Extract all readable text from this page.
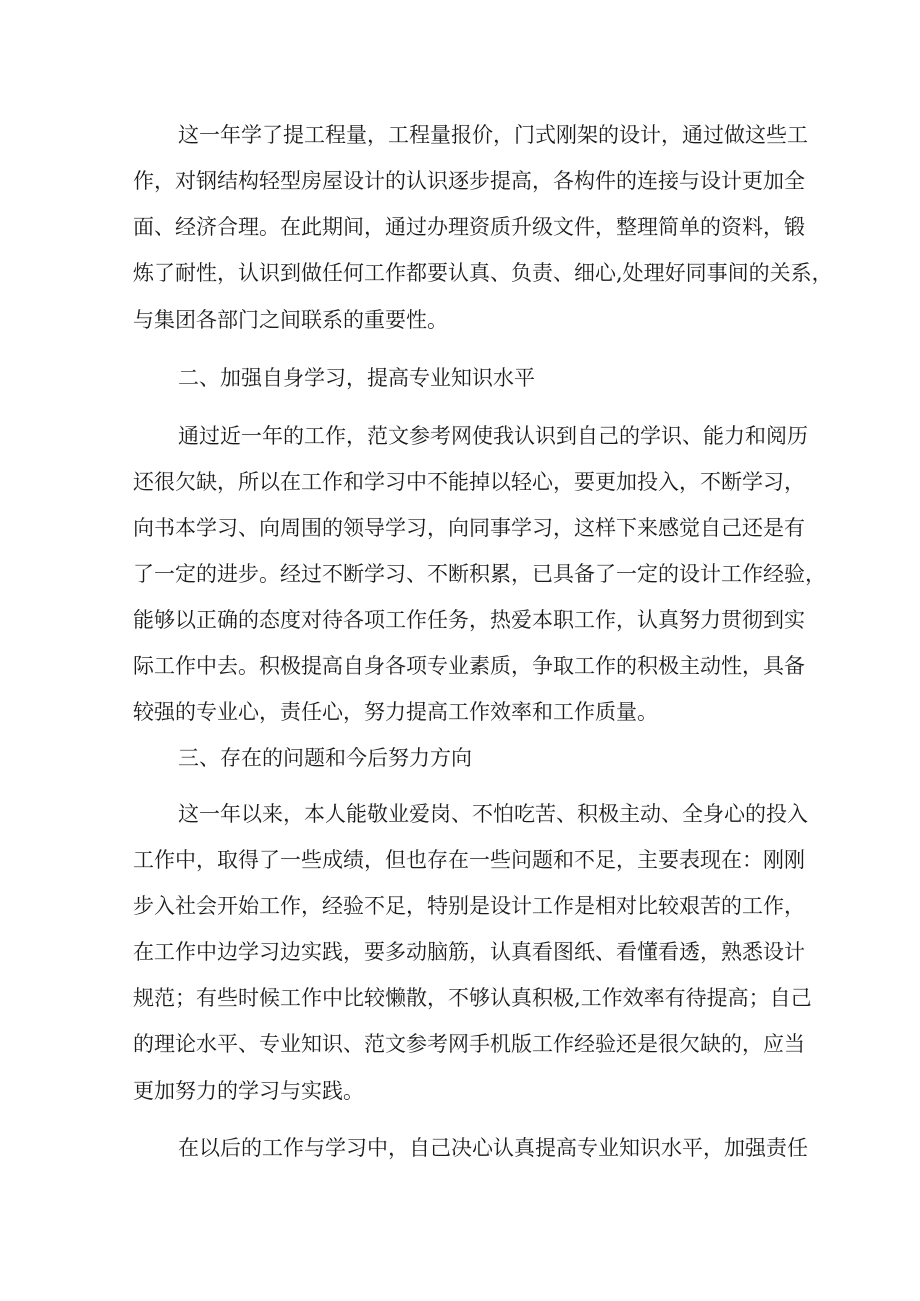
这一年学了提工程量，工程量报价，门式刚架的设计，通过做这些工

作，对钢结构轻型房屋设计的认识逐步提高，各构件的连接与设计更加全

面、经济合理。在此期间，通过办理资质升级文件，整理简单的资料，锻

炼了耐性，认识到做任何工作都要认真、负责、细心,处理好同事间的关系，

与集团各部门之间联系的重要性。

二、加强自身学习，提高专业知识水平

通过近一年的工作，范文参考网使我认识到自己的学识、能力和阅历

还很欠缺，所以在工作和学习中不能掉以轻心，要更加投入，不断学习，

向书本学习、向周围的领导学习，向同事学习，这样下来感觉自己还是有

了一定的进步。经过不断学习、不断积累，已具备了一定的设计工作经验，

能够以正确的态度对待各项工作任务，热爱本职工作，认真努力贯彻到实

际工作中去。积极提高自身各项专业素质，争取工作的积极主动性，具备

较强的专业心，责任心，努力提高工作效率和工作质量。

三、存在的问题和今后努力方向

这一年以来，本人能敬业爱岗、不怕吃苦、积极主动、全身心的投入

工作中，取得了一些成绩，但也存在一些问题和不足，主要表现在：刚刚

步入社会开始工作，经验不足，特别是设计工作是相对比较艰苦的工作，

在工作中边学习边实践，要多动脑筋，认真看图纸、看懂看透，熟悉设计

规范；有些时候工作中比较懒散，不够认真积极,工作效率有待提高；自己

的理论水平、专业知识、范文参考网手机版工作经验还是很欠缺的，应当

更加努力的学习与实践。

在以后的工作与学习中，自己决心认真提高专业知识水平，加强责任
